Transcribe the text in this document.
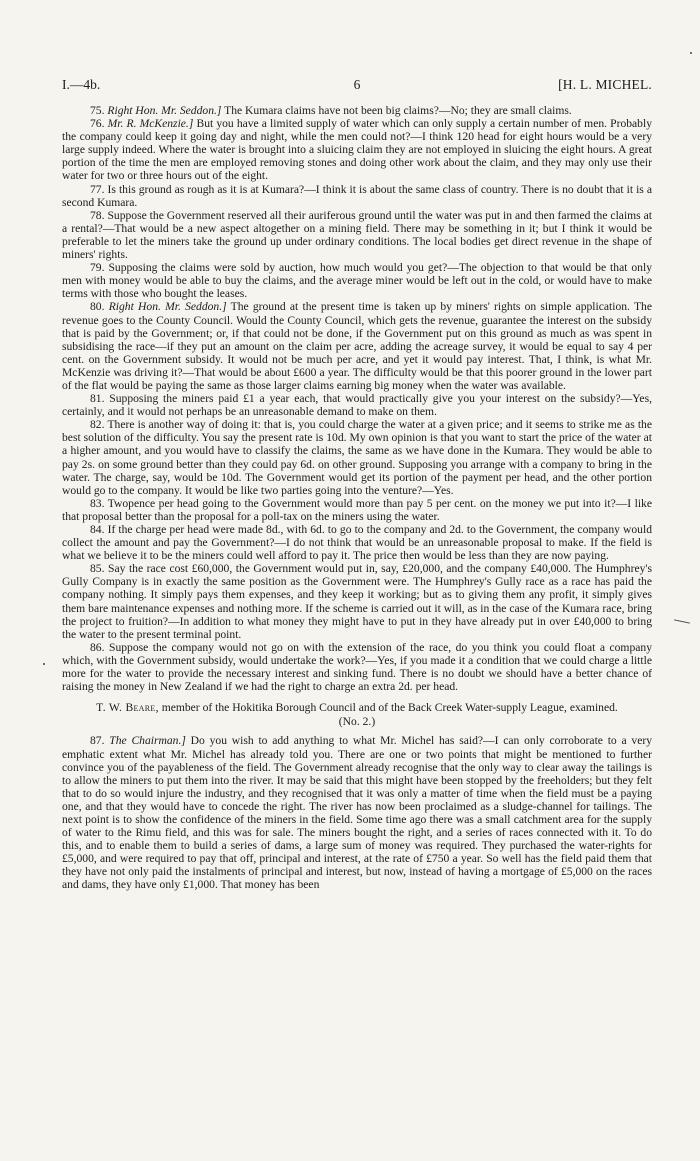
I.—4b.	6	[H. L. MICHEL.

75. Right Hon. Mr. Seddon.] The Kumara claims have not been big claims?—No; they are small claims.

76. Mr. R. McKenzie.] But you have a limited supply of water which can only supply a certain number of men. Probably the company could keep it going day and night, while the men could not?—I think 120 head for eight hours would be a very large supply indeed. Where the water is brought into a sluicing claim they are not employed in sluicing the eight hours. A great portion of the time the men are employed removing stones and doing other work about the claim, and they may only use their water for two or three hours out of the eight.

77. Is this ground as rough as it is at Kumara?—I think it is about the same class of country. There is no doubt that it is a second Kumara.

78. Suppose the Government reserved all their auriferous ground until the water was put in and then farmed the claims at a rental?—That would be a new aspect altogether on a mining field. There may be something in it; but I think it would be preferable to let the miners take the ground up under ordinary conditions. The local bodies get direct revenue in the shape of miners' rights.

79. Supposing the claims were sold by auction, how much would you get?—The objection to that would be that only men with money would be able to buy the claims, and the average miner would be left out in the cold, or would have to make terms with those who bought the leases.

80. Right Hon. Mr. Seddon.] The ground at the present time is taken up by miners' rights on simple application. The revenue goes to the County Council. Would the County Council, which gets the revenue, guarantee the interest on the subsidy that is paid by the Government; or, if that could not be done, if the Government put on this ground as much as was spent in subsidising the race—if they put an amount on the claim per acre, adding the acreage survey, it would be equal to say 4 per cent. on the Government subsidy. It would not be much per acre, and yet it would pay interest. That, I think, is what Mr. McKenzie was driving it?—That would be about £600 a year. The difficulty would be that this poorer ground in the lower part of the flat would be paying the same as those larger claims earning big money when the water was available.

81. Supposing the miners paid £1 a year each, that would practically give you your interest on the subsidy?—Yes, certainly, and it would not perhaps be an unreasonable demand to make on them.

82. There is another way of doing it: that is, you could charge the water at a given price; and it seems to strike me as the best solution of the difficulty. You say the present rate is 10d. My own opinion is that you want to start the price of the water at a higher amount, and you would have to classify the claims, the same as we have done in the Kumara. They would be able to pay 2s. on some ground better than they could pay 6d. on other ground. Supposing you arrange with a company to bring in the water. The charge, say, would be 10d. The Government would get its portion of the payment per head, and the other portion would go to the company. It would be like two parties going into the venture?—Yes.

83. Twopence per head going to the Government would more than pay 5 per cent. on the money we put into it?—I like that proposal better than the proposal for a poll-tax on the miners using the water.

84. If the charge per head were made 8d., with 6d. to go to the company and 2d. to the Government, the company would collect the amount and pay the Government?—I do not think that would be an unreasonable proposal to make. If the field is what we believe it to be the miners could well afford to pay it. The price then would be less than they are now paying.

85. Say the race cost £60,000, the Government would put in, say, £20,000, and the company £40,000. The Humphrey's Gully Company is in exactly the same position as the Government were. The Humphrey's Gully race as a race has paid the company nothing. It simply pays them expenses, and they keep it working; but as to giving them any profit, it simply gives them bare maintenance expenses and nothing more. If the scheme is carried out it will, as in the case of the Kumara race, bring the project to fruition?—In addition to what money they might have to put in they have already put in over £40,000 to bring the water to the present terminal point.

86. Suppose the company would not go on with the extension of the race, do you think you could float a company which, with the Government subsidy, would undertake the work?—Yes, if you made it a condition that we could charge a little more for the water to provide the necessary interest and sinking fund. There is no doubt we should have a better chance of raising the money in New Zealand if we had the right to charge an extra 2d. per head.

T. W. Beare, member of the Hokitika Borough Council and of the Back Creek Water-supply League, examined. (No. 2.)

87. The Chairman.] Do you wish to add anything to what Mr. Michel has said?—I can only corroborate to a very emphatic extent what Mr. Michel has already told you. There are one or two points that might be mentioned to further convince you of the payableness of the field. The Government already recognise that the only way to clear away the tailings is to allow the miners to put them into the river. It may be said that this might have been stopped by the freeholders; but they felt that to do so would injure the industry, and they recognised that it was only a matter of time when the field must be a paying one, and that they would have to concede the right. The river has now been proclaimed as a sludge-channel for tailings. The next point is to show the confidence of the miners in the field. Some time ago there was a small catchment area for the supply of water to the Rimu field, and this was for sale. The miners bought the right, and a series of races connected with it. To do this, and to enable them to build a series of dams, a large sum of money was required. They purchased the water-rights for £5,000, and were required to pay that off, principal and interest, at the rate of £750 a year. So well has the field paid them that they have not only paid the instalments of principal and interest, but now, instead of having a mortgage of £5,000 on the races and dams, they have only £1,000. That money has been
